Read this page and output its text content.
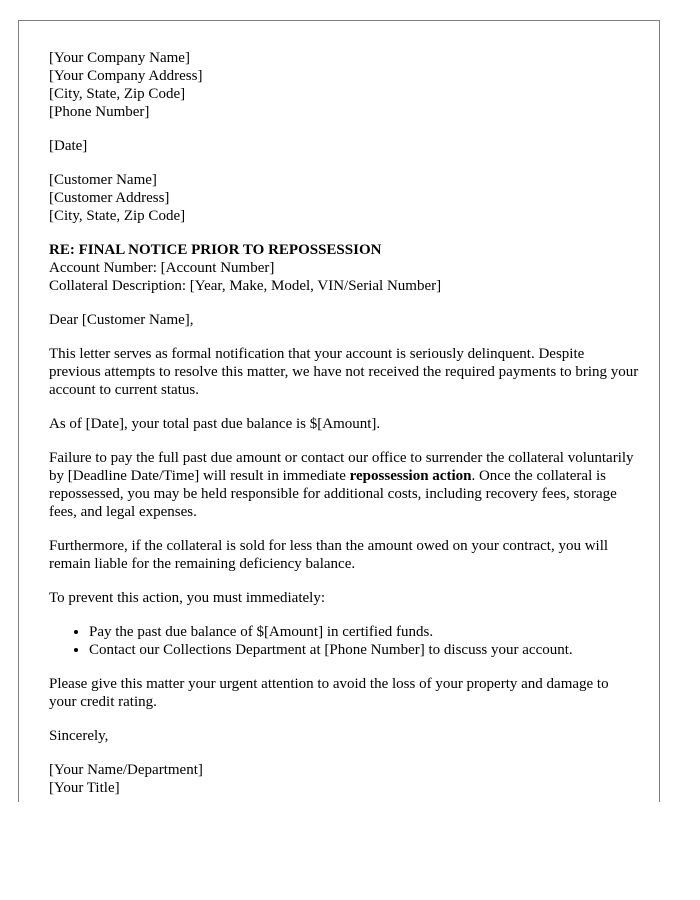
[Your Company Name]
[Your Company Address]
[City, State, Zip Code]
[Phone Number]
[Date]
[Customer Name]
[Customer Address]
[City, State, Zip Code]
RE: FINAL NOTICE PRIOR TO REPOSSESSION
Account Number: [Account Number]
Collateral Description: [Year, Make, Model, VIN/Serial Number]

Dear [Customer Name],

This letter serves as formal notification that your account is seriously delinquent. Despite previous attempts to resolve this matter, we have not received the required payments to bring your account to current status.

As of [Date], your total past due balance is $[Amount].

Failure to pay the full past due amount or contact our office to surrender the collateral voluntarily by [Deadline Date/Time] will result in immediate repossession action. Once the collateral is repossessed, you may be held responsible for additional costs, including recovery fees, storage fees, and legal expenses.

Furthermore, if the collateral is sold for less than the amount owed on your contract, you will remain liable for the remaining deficiency balance.

To prevent this action, you must immediately:

• Pay the past due balance of $[Amount] in certified funds.
• Contact our Collections Department at [Phone Number] to discuss your account.

Please give this matter your urgent attention to avoid the loss of your property and damage to your credit rating.

Sincerely,

[Your Name/Department]
[Your Title]
